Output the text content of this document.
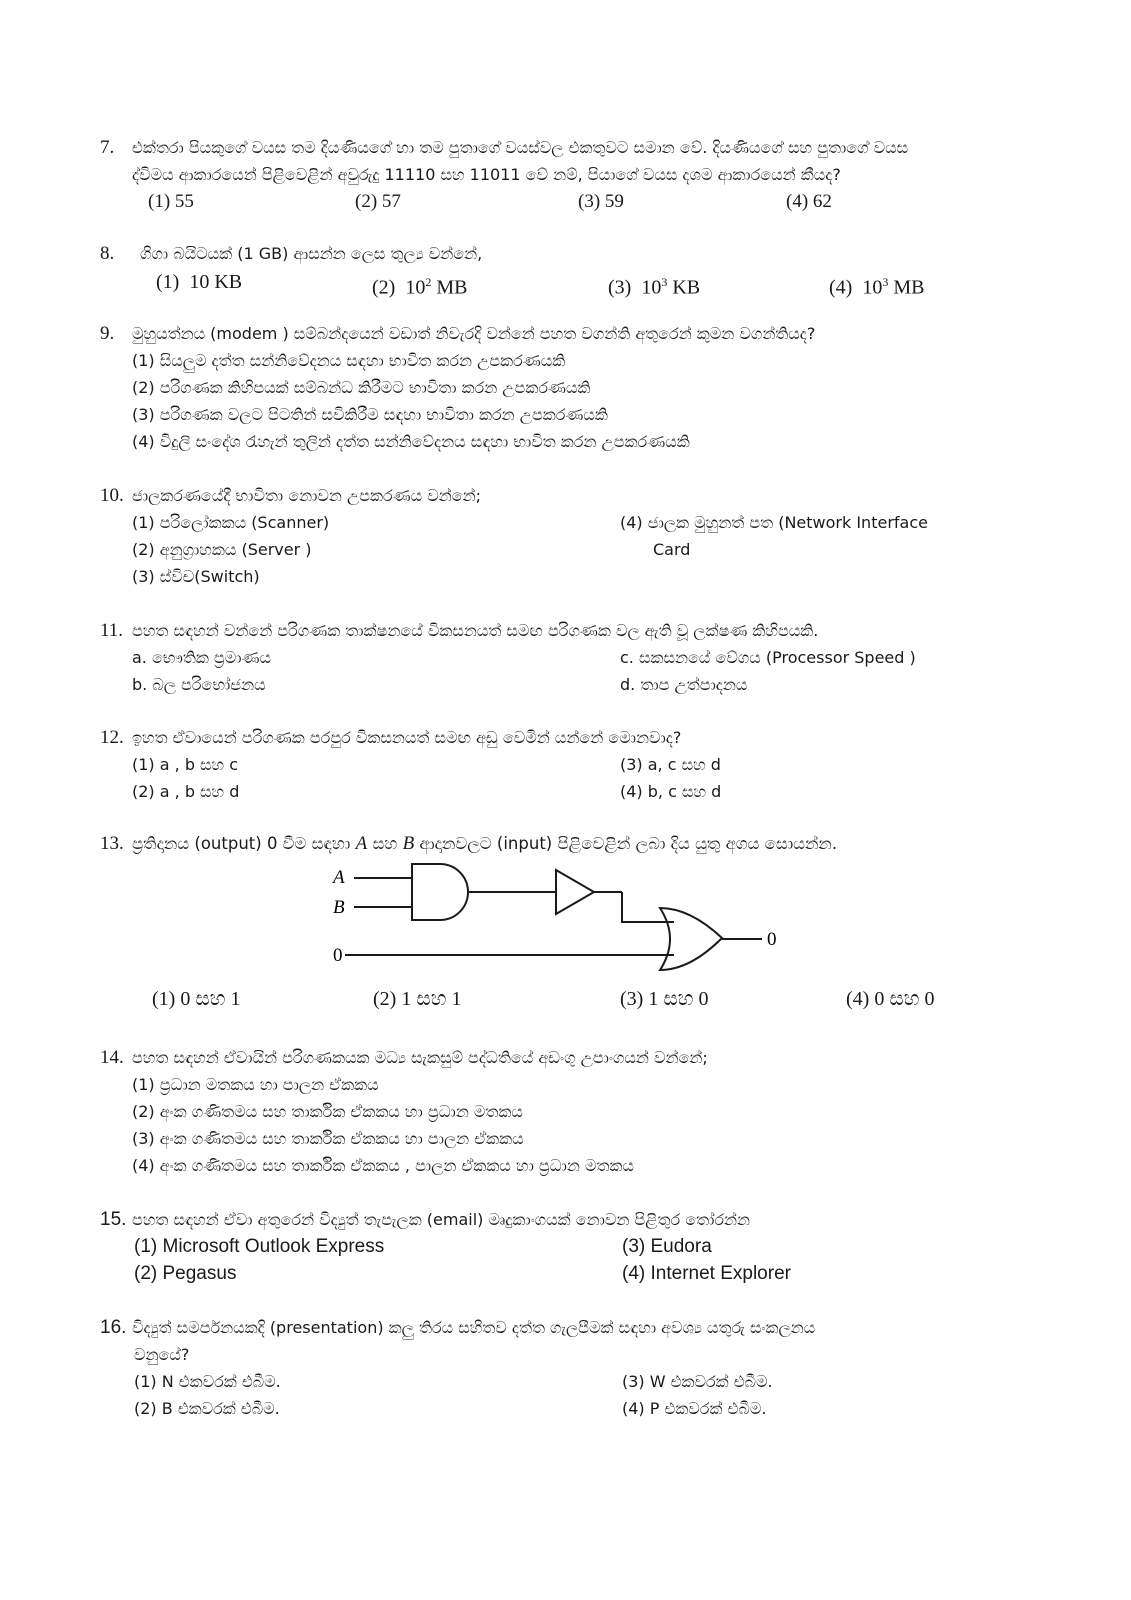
7. එක්තරා පියකුගේ වයස තම දියණියගේ හා තම පුතාගේ වයස්වල එකතුවට සමාන වේ. දියණියගේ සහ පුතාගේ වයස
ද්විමය ආකාරයෙන් පිළිවෙළින් අවුරුදු 11110 සහ 11011 වේ නම්, පියාගේ වයස දශම ආකාරයෙන් කීයද?
(1) 55	(2) 57	(3) 59	(4) 62
8. ගිගා බයිටයක් (1 GB) ආසන්න ලෙස තුල්‍ය වන්නේ,
(1) 10 KB	(2) $10^2$ MB	(3) $10^3$ KB	(4) $10^3$ MB
9. මුහුයත්නය (modem ) සම්බන්දයෙන් වඩාත් නිවැරදි වන්නේ පහත වගන්ති අතුරෙන් කුමන වගන්තියද?
(1) සියලුම දත්ත සන්නිවේදනය සඳහා භාවිත කරන උපකරණයකි
(2) පරිගණක කිහිපයක් සම්බන්ධ කිරීමට භාවිතා කරන උපකරණයකි
(3) පරිගණක වලට පිටතින් සවිකිරීම සඳහා භාවිතා කරන උපකරණයකි
(4) විදුලි සංදේශ රැහැන් තුලින් දත්ත සන්නිවේදනය සඳහා භාවිත කරන උපකරණයකි
10. ජාලකරණයේදී භාවිතා නොවන උපකරණය වන්නේ;
(1) පරිලෝකකය (Scanner)
(2) අනුග්‍රාහකය (Server )
(3) ස්විච(Switch)
(4) ජාලක මුහුනත් පත (Network Interface
Card
11. පහත සඳහන් වන්නේ පරිගණක තාක්ෂනයේ විකසනයත් සමඟ පරිගණක වල ඇති වූ ලක්ෂණ කිහිපයකි.
a. භෞතික ප්‍රමාණය
b. බල පරිභෝජනය
c. සකසනයේ වේගය (Processor Speed )
d. තාප උත්පාදනය
12. ඉහත ඒවායෙන් පරිගණක පරපුර විකසනයත් සමඟ අඩු වෙමින් යන්නේ මොනවාද?
(1) a , b සහ c
(2) a , b සහ d
(3) a, c සහ d
(4) b, c සහ d
13. ප්‍රතිදානය (output) 0 වීම සඳහා A සහ B ආදානවලට (input) පිළිවෙළින් ලබා දිය යුතු අගය සොයන්න.
A
B
0
0
(1) 0 සහ 1	(2) 1 සහ 1	(3) 1 සහ 0	(4) 0 සහ 0
14. පහත සඳහන් ඒවායින් පරිගණකයක මධ්‍ය සැකසුම් පද්ධතියේ අඩංගු උපාංගයන් වන්නේ;
(1) ප්‍රධාන මතකය හා පාලන ඒකකය
(2) අංක ගණිතමය සහ තාර්කික ඒකකය හා ප්‍රධාන මතකය
(3) අංක ගණිතමය සහ තාර්කික ඒකකය හා පාලන ඒකකය
(4) අංක ගණිතමය සහ තාර්කික ඒකකය , පාලන ඒකකය හා ප්‍රධාන මතකය
15. පහත සඳහන් ඒවා අතුරෙන් විද්‍යුත් තැපැලක (email) මෘදුකාංගයක් නොවන පිළිතුර තෝරන්න
(1) Microsoft Outlook Express
(2) Pegasus
(3) Eudora
(4) Internet Explorer
16. විද්‍යුත් සමර්පනයකදි (presentation) කලු තිරය සහිතව දත්ත ගැලපීමක් සඳහා අවශ්‍ය යතුරු සංකලනය
වනුයේ?
(1) N එකවරක් එබීම.
(2) B එකවරක් එබීම.
(3) W එකවරක් එබීම.
(4) P එකවරක් එබීම.
